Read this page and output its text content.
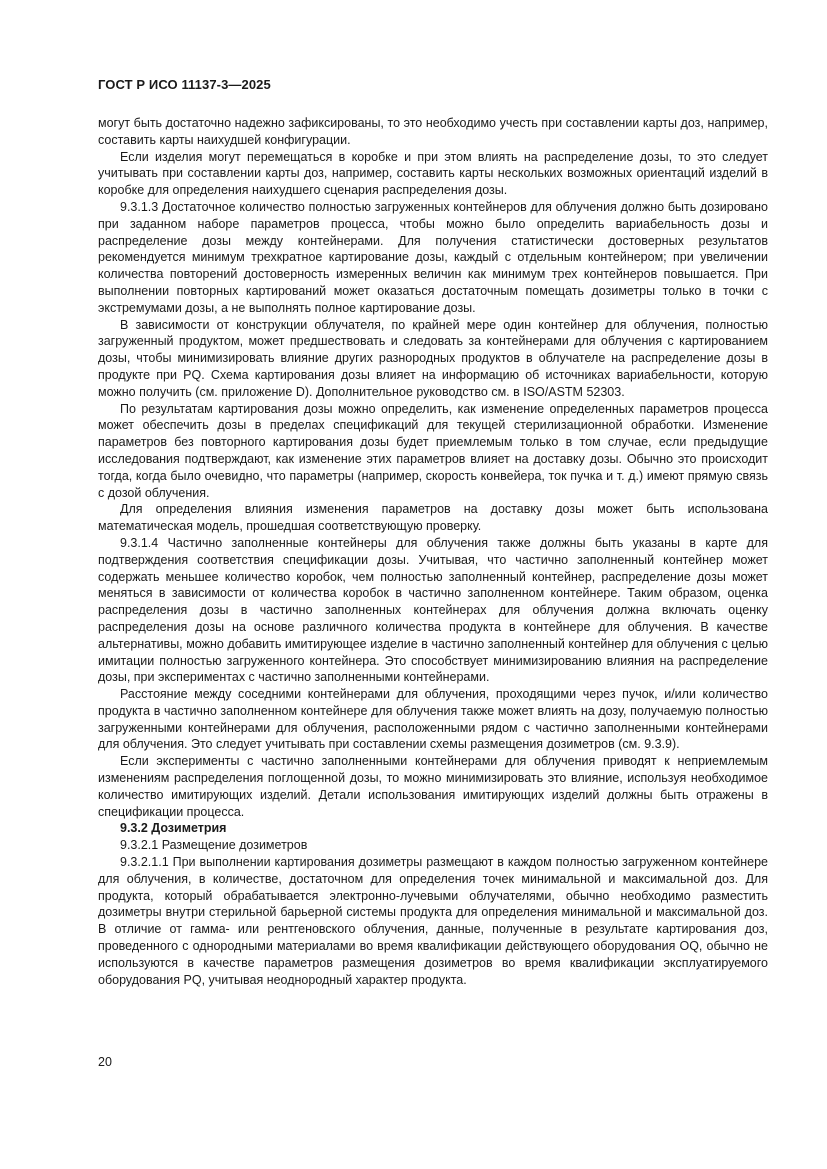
ГОСТ Р ИСО 11137-3—2025

могут быть достаточно надежно зафиксированы, то это необходимо учесть при составлении карты доз, например, составить карты наихудшей конфигурации.

Если изделия могут перемещаться в коробке и при этом влиять на распределение дозы, то это следует учитывать при составлении карты доз, например, составить карты нескольких возможных ориентаций изделий в коробке для определения наихудшего сценария распределения дозы.

9.3.1.3 Достаточное количество полностью загруженных контейнеров для облучения должно быть дозировано при заданном наборе параметров процесса, чтобы можно было определить вариабельность дозы и распределение дозы между контейнерами. Для получения статистически достоверных результатов рекомендуется минимум трехкратное картирование дозы, каждый с отдельным контейнером; при увеличении количества повторений достоверность измеренных величин как минимум трех контейнеров повышается. При выполнении повторных картирований может оказаться достаточным помещать дозиметры только в точки с экстремумами дозы, а не выполнять полное картирование дозы.

В зависимости от конструкции облучателя, по крайней мере один контейнер для облучения, полностью загруженный продуктом, может предшествовать и следовать за контейнерами для облучения с картированием дозы, чтобы минимизировать влияние других разнородных продуктов в облучателе на распределение дозы в продукте при PQ. Схема картирования дозы влияет на информацию об источниках вариабельности, которую можно получить (см. приложение D). Дополнительное руководство см. в ISO/ASTM 52303.

По результатам картирования дозы можно определить, как изменение определенных параметров процесса может обеспечить дозы в пределах спецификаций для текущей стерилизационной обработки. Изменение параметров без повторного картирования дозы будет приемлемым только в том случае, если предыдущие исследования подтверждают, как изменение этих параметров влияет на доставку дозы. Обычно это происходит тогда, когда было очевидно, что параметры (например, скорость конвейера, ток пучка и т. д.) имеют прямую связь с дозой облучения.

Для определения влияния изменения параметров на доставку дозы может быть использована математическая модель, прошедшая соответствующую проверку.

9.3.1.4 Частично заполненные контейнеры для облучения также должны быть указаны в карте для подтверждения соответствия спецификации дозы. Учитывая, что частично заполненный контейнер может содержать меньшее количество коробок, чем полностью заполненный контейнер, распределение дозы может меняться в зависимости от количества коробок в частично заполненном контейнере. Таким образом, оценка распределения дозы в частично заполненных контейнерах для облучения должна включать оценку распределения дозы на основе различного количества продукта в контейнере для облучения. В качестве альтернативы, можно добавить имитирующее изделие в частично заполненный контейнер для облучения с целью имитации полностью загруженного контейнера. Это способствует минимизированию влияния на распределение дозы, при экспериментах с частично заполненными контейнерами.

Расстояние между соседними контейнерами для облучения, проходящими через пучок, и/или количество продукта в частично заполненном контейнере для облучения также может влиять на дозу, получаемую полностью загруженными контейнерами для облучения, расположенными рядом с частично заполненными контейнерами для облучения. Это следует учитывать при составлении схемы размещения дозиметров (см. 9.3.9).

Если эксперименты с частично заполненными контейнерами для облучения приводят к неприемлемым изменениям распределения поглощенной дозы, то можно минимизировать это влияние, используя необходимое количество имитирующих изделий. Детали использования имитирующих изделий должны быть отражены в спецификации процесса.

9.3.2 Дозиметрия

9.3.2.1 Размещение дозиметров

9.3.2.1.1 При выполнении картирования дозиметры размещают в каждом полностью загруженном контейнере для облучения, в количестве, достаточном для определения точек минимальной и максимальной доз. Для продукта, который обрабатывается электронно-лучевыми облучателями, обычно необходимо разместить дозиметры внутри стерильной барьерной системы продукта для определения минимальной и максимальной доз. В отличие от гамма- или рентгеновского облучения, данные, полученные в результате картирования доз, проведенного с однородными материалами во время квалификации действующего оборудования OQ, обычно не используются в качестве параметров размещения дозиметров во время квалификации эксплуатируемого оборудования PQ, учитывая неоднородный характер продукта.

20
